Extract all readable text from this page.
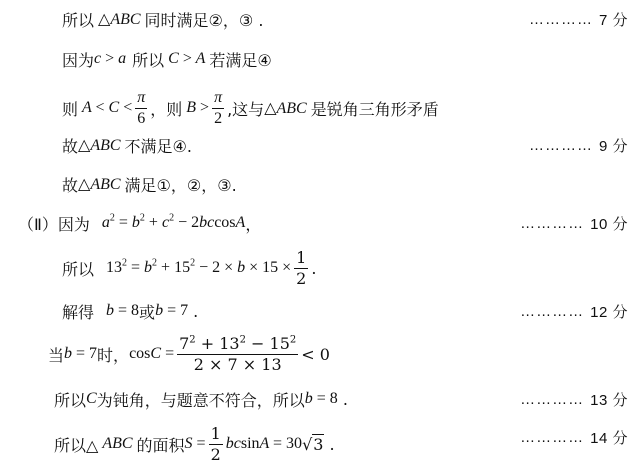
所以 △ABC 同时满足②，③ .	………… 7 分
因为 c > a 所以 C > A 若满足④
则 $A < C < \frac{\pi}{6}$ ，则 $B > \frac{\pi}{2}$ ,这与 △ABC 是锐角三角形矛盾
故 △ABC 不满足④.	………… 9 分
故 △ABC 满足①，②，③.
（Ⅱ）因为 $a^2 = b^2 + c^2 - 2bccosA$ ，	………… 10 分
所以 $13^2 = b^2 + 15^2 - 2 \times b \times 15 \times \frac{1}{2}$ .
解得 b = 8 或 b = 7 .	………… 12 分
当 b = 7 时， $\cos C = \frac{7^2 + 13^2 - 15^2}{2 \times 7 \times 13} < 0$
所以 C 为钝角，与题意不符合，所以 b = 8 .	………… 13 分
所以△ ABC 的面积 $S = \frac{1}{2}$ bcsinA = 30 √ 3 .	………… 14 分
